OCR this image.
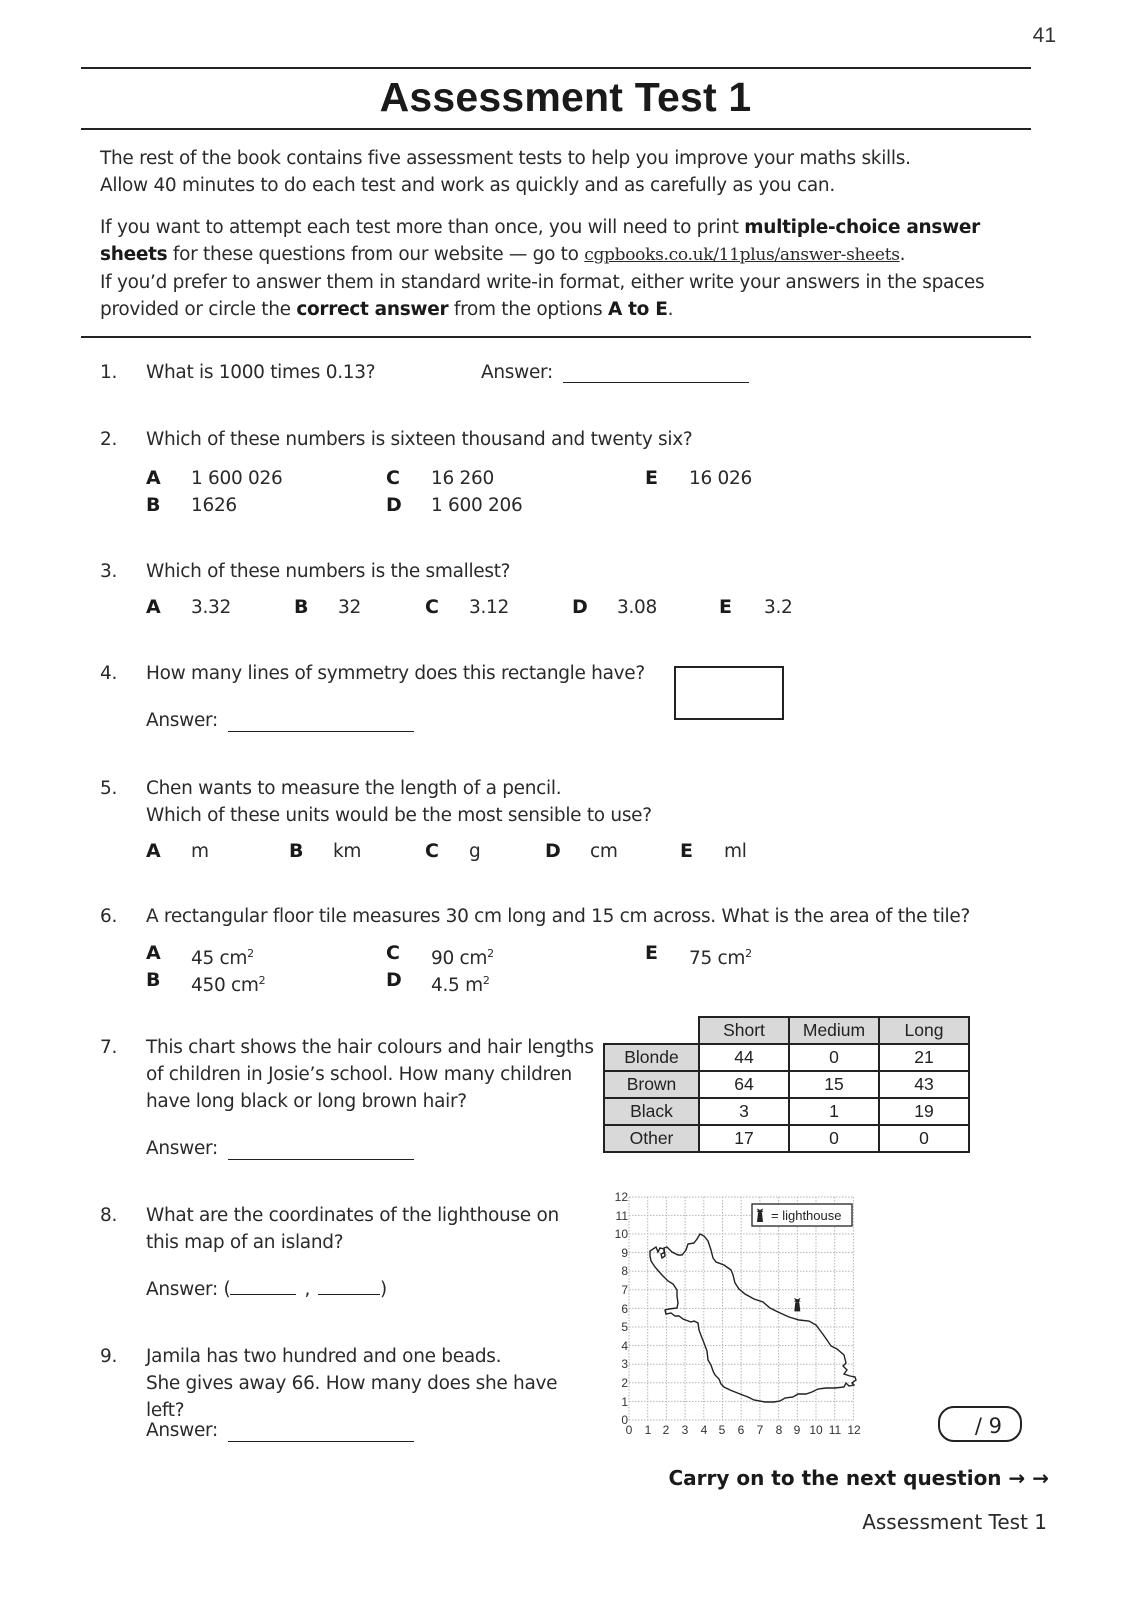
41
Assessment Test 1
The rest of the book contains five assessment tests to help you improve your maths skills.
Allow 40 minutes to do each test and work as quickly and as carefully as you can.
If you want to attempt each test more than once, you will need to print multiple-choice answer
sheets for these questions from our website — go to cgpbooks.co.uk/11plus/answer-sheets.
If you’d prefer to answer them in standard write-in format, either write your answers in the spaces
provided or circle the correct answer from the options A to E.
1. What is 1000 times 0.13?	Answer:
2. Which of these numbers is sixteen thousand and twenty six?
A 1 600 026
B 1626
C 16 260
D 1 600 206
E 16 026
3. Which of these numbers is the smallest?
A 3.32	B 32	C 3.12	D 3.08	E 3.2
4. How many lines of symmetry does this rectangle have?
Answer:
5. Chen wants to measure the length of a pencil.
Which of these units would be the most sensible to use?
A m	B km	C g	D cm	E ml
6. A rectangular floor tile measures 30 cm long and 15 cm across. What is the area of the tile?
A 45 $cm^2$
B 450 $cm^2$
C 90 $cm^2$
D 4.5 $m^2$
E 75 $cm^2$
7. This chart shows the hair colours and hair lengths
of children in Josie’s school. How many children
have long black or long brown hair?
Answer:
	Short	Medium	Long
Blonde	44	0	21
Brown	64	15	43
Black	3	1	19
Other	17	0	0
8. What are the coordinates of the lighthouse on
this map of an island?
Answer: (	,	)
12
11
10
9
8
7
6
5
4
3
2
1
0
0 1 2 3 4 5 6 7 8 9 10 11 12
= lighthouse
9. Jamila has two hundred and one beads.
She gives away 66. How many does she have left?
Answer:	/ 9
Carry on to the next question → →
Assessment Test 1
